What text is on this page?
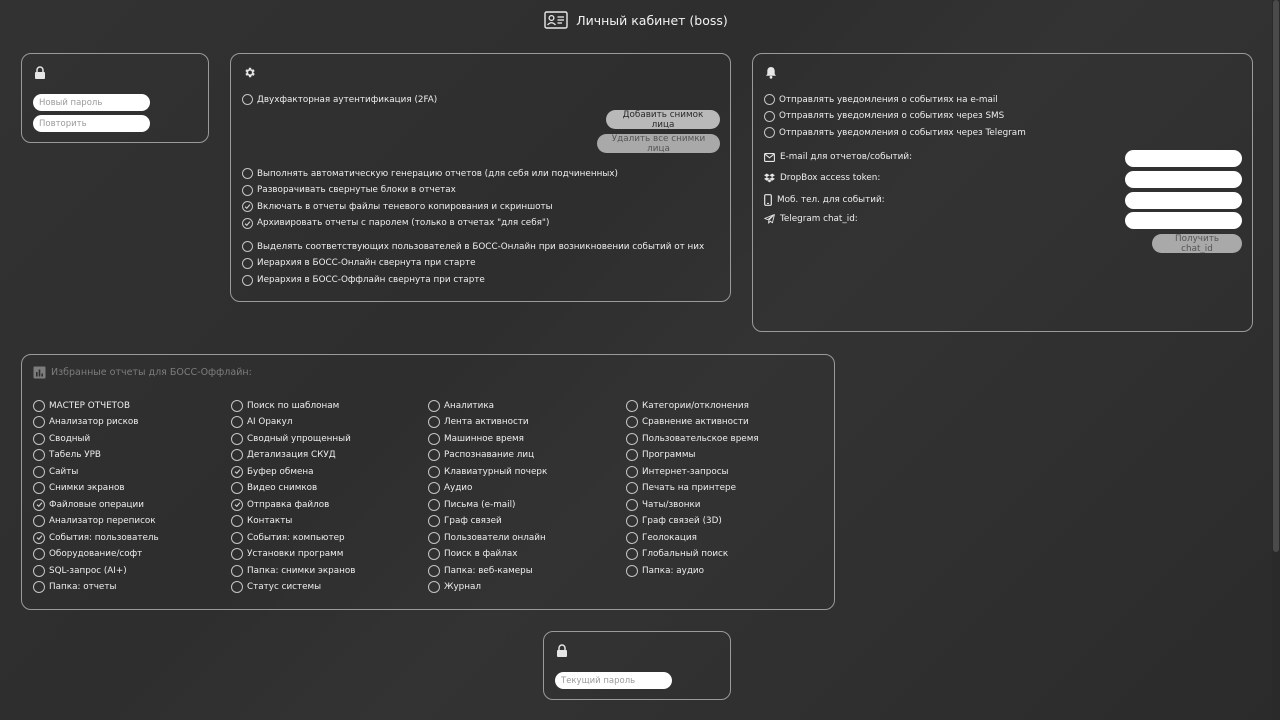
Личный кабинет (boss)
Двухфакторная аутентификация (2FA)
Добавить снимок лица
Удалить все снимки лица
Выполнять автоматическую генерацию отчетов (для себя или подчиненных)
Разворачивать свернутые блоки в отчетах
Включать в отчеты файлы теневого копирования и скриншоты
Архивировать отчеты с паролем (только в отчетах "для себя")
Выделять соответствующих пользователей в БОСС-Онлайн при возникновении событий от них
Иерархия в БОСС-Онлайн свернута при старте
Иерархия в БОСС-Оффлайн свернута при старте
Отправлять уведомления о событиях на e-mail
Отправлять уведомления о событиях через SMS
Отправлять уведомления о событиях через Telegram
E-mail для отчетов/событий:
DropBox access token:
Моб. тел. для событий:
Telegram chat_id:
Получить chat_id
Избранные отчеты для БОСС-Оффлайн:
МАСТЕР ОТЧЕТОВ
Анализатор рисков
Сводный
Табель УРВ
Сайты
Снимки экранов
Файловые операции
Анализатор переписок
События: пользователь
Оборудование/софт
SQL-запрос (AI+)
Папка: отчеты
Поиск по шаблонам
AI Оракул
Сводный упрощенный
Детализация СКУД
Буфер обмена
Видео снимков
Отправка файлов
Контакты
События: компьютер
Установки программ
Папка: снимки экранов
Статус системы
Аналитика
Лента активности
Машинное время
Распознавание лиц
Клавиатурный почерк
Аудио
Письма (e-mail)
Граф связей
Пользователи онлайн
Поиск в файлах
Папка: веб-камеры
Журнал
Категории/отклонения
Сравнение активности
Пользовательское время
Программы
Интернет-запросы
Печать на принтере
Чаты/звонки
Граф связей (3D)
Геолокация
Глобальный поиск
Папка: аудио
